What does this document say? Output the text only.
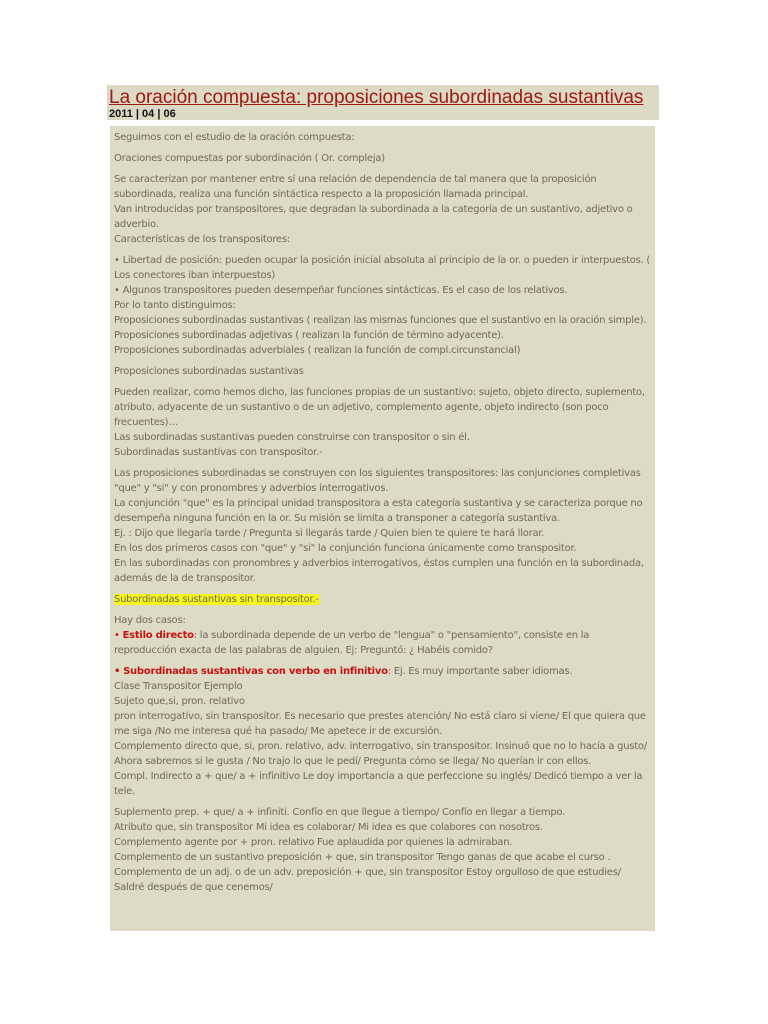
La oración compuesta: proposiciones subordinadas sustantivas
2011 | 04 | 06
Seguimos con el estudio de la oración compuesta:
Oraciones compuestas por subordinación ( Or. compleja)
Se caracterizan por mantener entre sí una relación de dependencia de tal manera que la proposición subordinada, realiza una función sintáctica respecto a la proposición llamada principal.
Van introducidas por transpositores, que degradan la subordinada a la categoría de un sustantivo, adjetivo o adverbio.
Características de los transpositores:
• Libertad de posición: pueden ocupar la posición inicial absoluta al principio de la or. o pueden ir interpuestos. ( Los conectores iban interpuestos)
• Algunos transpositores pueden desempeñar funciones sintácticas. Es el caso de los relativos.
Por lo tanto distinguimos:
Proposiciones subordinadas sustantivas ( realizan las mismas funciones que el sustantivo en la oración simple).
Proposiciones subordinadas adjetivas ( realizan la función de término adyacente).
Proposiciones subordinadas adverbiales ( realizan la función de compl.circunstancial)
Proposiciones subordinadas sustantivas
Pueden realizar, como hemos dicho, las funciones propias de un sustantivo: sujeto, objeto directo, suplemento, atributo, adyacente de un sustantivo o de un adjetivo, complemento agente, objeto indirecto (son poco frecuentes)…
Las subordinadas sustantivas pueden construirse con transpositor o sin él.
Subordinadas sustantivas con transpositor.-
Las proposiciones subordinadas se construyen con los siguientes transpositores: las conjunciones completivas "que" y "si" y con pronombres y adverbios interrogativos.
La conjunción "que" es la principal unidad transpositora a esta categoría sustantiva y se caracteriza porque no desempeña ninguna función en la or. Su misión se limita a transponer a categoría sustantiva.
Ej. : Dijo que llegaría tarde / Pregunta si llegarás tarde / Quien bien te quiere te hará llorar.
En los dos primeros casos con "que" y "si" la conjunción funciona únicamente como transpositor.
En las subordinadas con pronombres y adverbios interrogativos, éstos cumplen una función en la subordinada, además de la de transpositor.
Subordinadas sustantivas sin transpositor.-
Hay dos casos:
• Estilo directo: la subordinada depende de un verbo de "lengua" o "pensamiento", consiste en la reproducción exacta de las palabras de alguien. Ej: Preguntó: ¿ Habéis comido?
• Subordinadas sustantivas con verbo en infinitivo: Ej. Es muy importante saber idiomas.
Clase Transpositor Ejemplo
Sujeto que,si, pron. relativo
pron interrogativo, sin transpositor. Es necesario que prestes atención/ No está claro si viene/ El que quiera que me siga /No me interesa qué ha pasado/ Me apetece ir de excursión.
Complemento directo que, si, pron. relativo, adv. interrogativo, sin transpositor. Insinuó que no lo hacía a gusto/ Ahora sabremos si le gusta / No trajo lo que le pedí/ Pregunta cómo se llega/ No querían ir con ellos.
Compl. Indirecto a + que/ a + infinitivo Le doy importancia a que perfeccione su inglés/ Dedicó tiempo a ver la tele.
Suplemento prep. + que/ a + infiniti. Confío en que llegue a tiempo/ Confío en llegar a tiempo.
Atributo que, sin transpositor Mi idea es colaborar/ Mi idea es que colabores con nosotros.
Complemento agente por + pron. relativo Fue aplaudida por quienes la admiraban.
Complemento de un sustantivo preposición + que, sin transpositor Tengo ganas de que acabe el curso .
Complemento de un adj. o de un adv. preposición + que, sin transpositor Estoy orgulloso de que estudies/
Saldré después de que cenemos/
